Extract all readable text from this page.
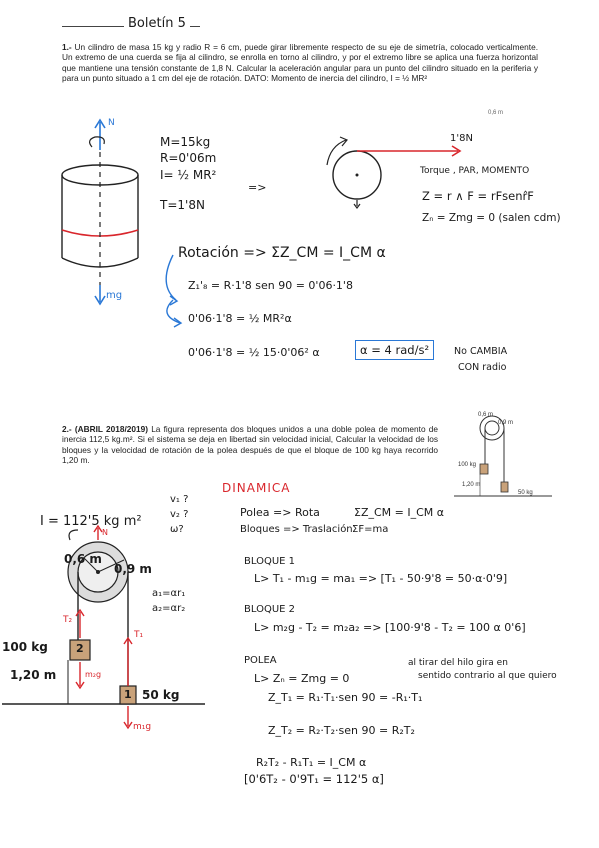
Boletín 5
1.- Un cilindro de masa 15 kg y radio R = 6 cm, puede girar libremente respecto de su eje de simetría, colocado verticalmente. Un extremo de una cuerda se fija al cilindro, se enrolla en torno al cilindro, y por el extremo libre se aplica una fuerza horizontal que mantiene una tensión constante de 1,8 N. Calcular la aceleración angular para un punto del cilindro situado en la periferia y para un punto situado a 1 cm del eje de rotación. DATO: Momento de inercia del cilindro, I = ½ MR²
0,6 m
N
mg
M=15kg
R=0'06m
I= ½ MR²
T=1'8N
=>
1'8N
Torque , PAR, MOMENTO
Z = r ∧ F = rFsenr̂F
Zₙ = Zmg = 0 (salen cdm)
Rotación => ΣZ_CM = I_CM α
Z₁'₈ = R·1'8 sen 90 = 0'06·1'8
0'06·1'8 = ½ MR²α
0'06·1'8 = ½ 15·0'06² α	α = 4 rad/s²	No CAMBIA
CON radio
2.- (ABRIL 2018/2019) La figura representa dos bloques unidos a una doble polea de momento de inercia 112,5 kg.m². Si el sistema se deja en libertad sin velocidad inicial, Calcular la velocidad de los bloques y la velocidad de rotación de la polea después de que el bloque de 100 kg haya recorrido 1,20 m.
0,6 m
0,9 m
100 kg
1,20 m
50 kg
I = 112'5 kg m²
v₁ ?
v₂ ?
ω?
DINAMICA
Polea => Rota	ΣZ_CM = I_CM α
Bloques => Traslación ΣF=ma
a₁=αr₁
a₂=αr₂
BLOQUE 1
L> T₁ - m₁g = ma₁ => [T₁ - 50·9'8 = 50·α·0'9]
BLOQUE 2
L> m₂g - T₂ = m₂a₂ => [100·9'8 - T₂ = 100 α 0'6]
POLEA
L> Zₙ = Zmg = 0
al tirar del hilo gira en
sentido contrario al que quiero
Z_T₁ = R₁·T₁·sen 90 = -R₁·T₁
Z_T₂ = R₂·T₂·sen 90 = R₂T₂
R₂T₂ - R₁T₁ = I_CM α
[0'6T₂ - 0'9T₁ = 112'5 α]
N
0,6 m
0,9 m
T₂
T₁
100 kg	2
1,20 m	m₂g
1 50 kg
m₁g
